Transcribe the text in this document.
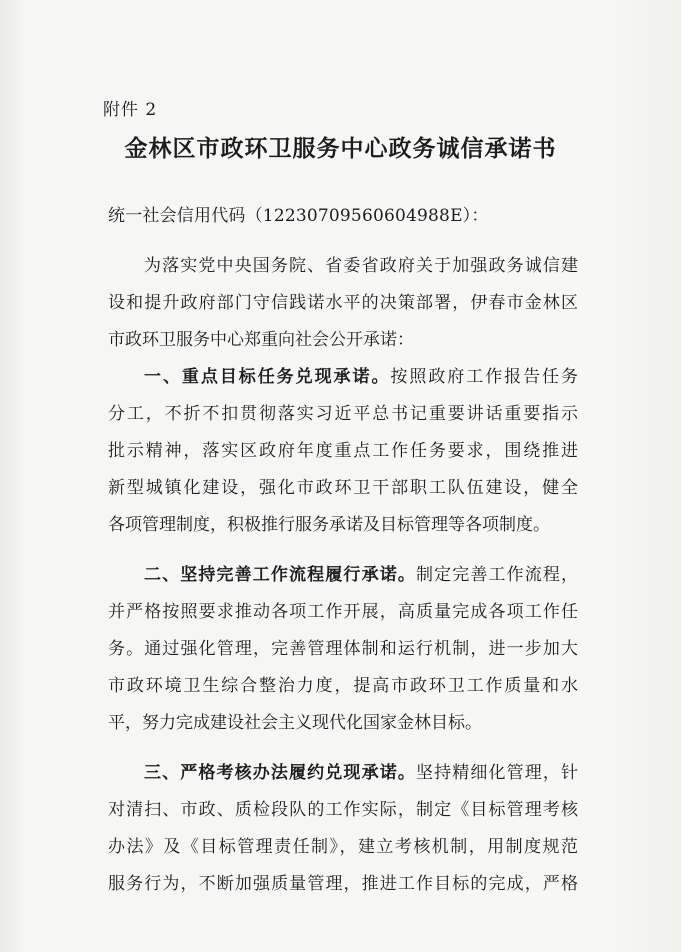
附件 2
金林区市政环卫服务中心政务诚信承诺书
统一社会信用代码（12230709560604988E）：
为落实党中央国务院、省委省政府关于加强政务诚信建
设和提升政府部门守信践诺水平的决策部署，伊春市金林区
市政环卫服务中心郑重向社会公开承诺：
一、重点目标任务兑现承诺。按照政府工作报告任务
分工，不折不扣贯彻落实习近平总书记重要讲话重要指示
批示精神，落实区政府年度重点工作任务要求，围绕推进
新型城镇化建设，强化市政环卫干部职工队伍建设，健全
各项管理制度，积极推行服务承诺及目标管理等各项制度。
二、坚持完善工作流程履行承诺。制定完善工作流程，
并严格按照要求推动各项工作开展，高质量完成各项工作任
务。通过强化管理，完善管理体制和运行机制，进一步加大
市政环境卫生综合整治力度，提高市政环卫工作质量和水
平，努力完成建设社会主义现代化国家金林目标。
三、严格考核办法履约兑现承诺。坚持精细化管理，针
对清扫、市政、质检段队的工作实际，制定《目标管理考核
办法》及《目标管理责任制》，建立考核机制，用制度规范
服务行为，不断加强质量管理，推进工作目标的完成，严格
